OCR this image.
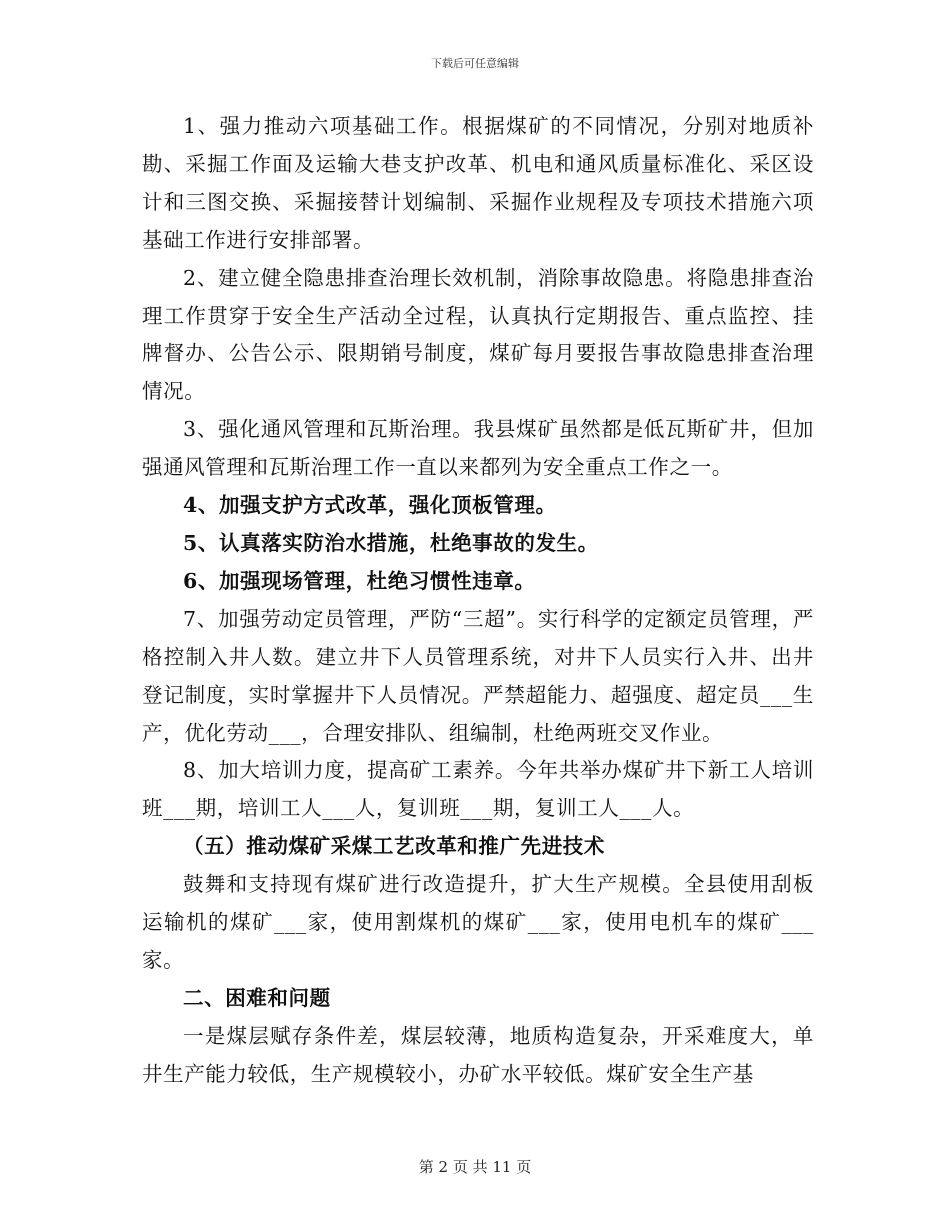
下载后可任意编辑

1、强力推动六项基础工作。根据煤矿的不同情况，分别对地质补勘、采掘工作面及运输大巷支护改革、机电和通风质量标准化、采区设计和三图交换、采掘接替计划编制、采掘作业规程及专项技术措施六项基础工作进行安排部署。

2、建立健全隐患排查治理长效机制，消除事故隐患。将隐患排查治理工作贯穿于安全生产活动全过程，认真执行定期报告、重点监控、挂牌督办、公告公示、限期销号制度，煤矿每月要报告事故隐患排查治理情况。

3、强化通风管理和瓦斯治理。我县煤矿虽然都是低瓦斯矿井，但加强通风管理和瓦斯治理工作一直以来都列为安全重点工作之一。

4、加强支护方式改革，强化顶板管理。

5、认真落实防治水措施，杜绝事故的发生。

6、加强现场管理，杜绝习惯性违章。

7、加强劳动定员管理，严防“三超”。实行科学的定额定员管理，严格控制入井人数。建立井下人员管理系统，对井下人员实行入井、出井登记制度，实时掌握井下人员情况。严禁超能力、超强度、超定员___生产，优化劳动___，合理安排队、组编制，杜绝两班交叉作业。

8、加大培训力度，提高矿工素养。今年共举办煤矿井下新工人培训班___期，培训工人___人，复训班___期，复训工人___人。

（五）推动煤矿采煤工艺改革和推广先进技术

鼓舞和支持现有煤矿进行改造提升，扩大生产规模。全县使用刮板运输机的煤矿___家，使用割煤机的煤矿___家，使用电机车的煤矿___家。

二、困难和问题

一是煤层赋存条件差，煤层较薄，地质构造复杂，开采难度大，单井生产能力较低，生产规模较小，办矿水平较低。煤矿安全生产基

第 2 页 共 11 页
